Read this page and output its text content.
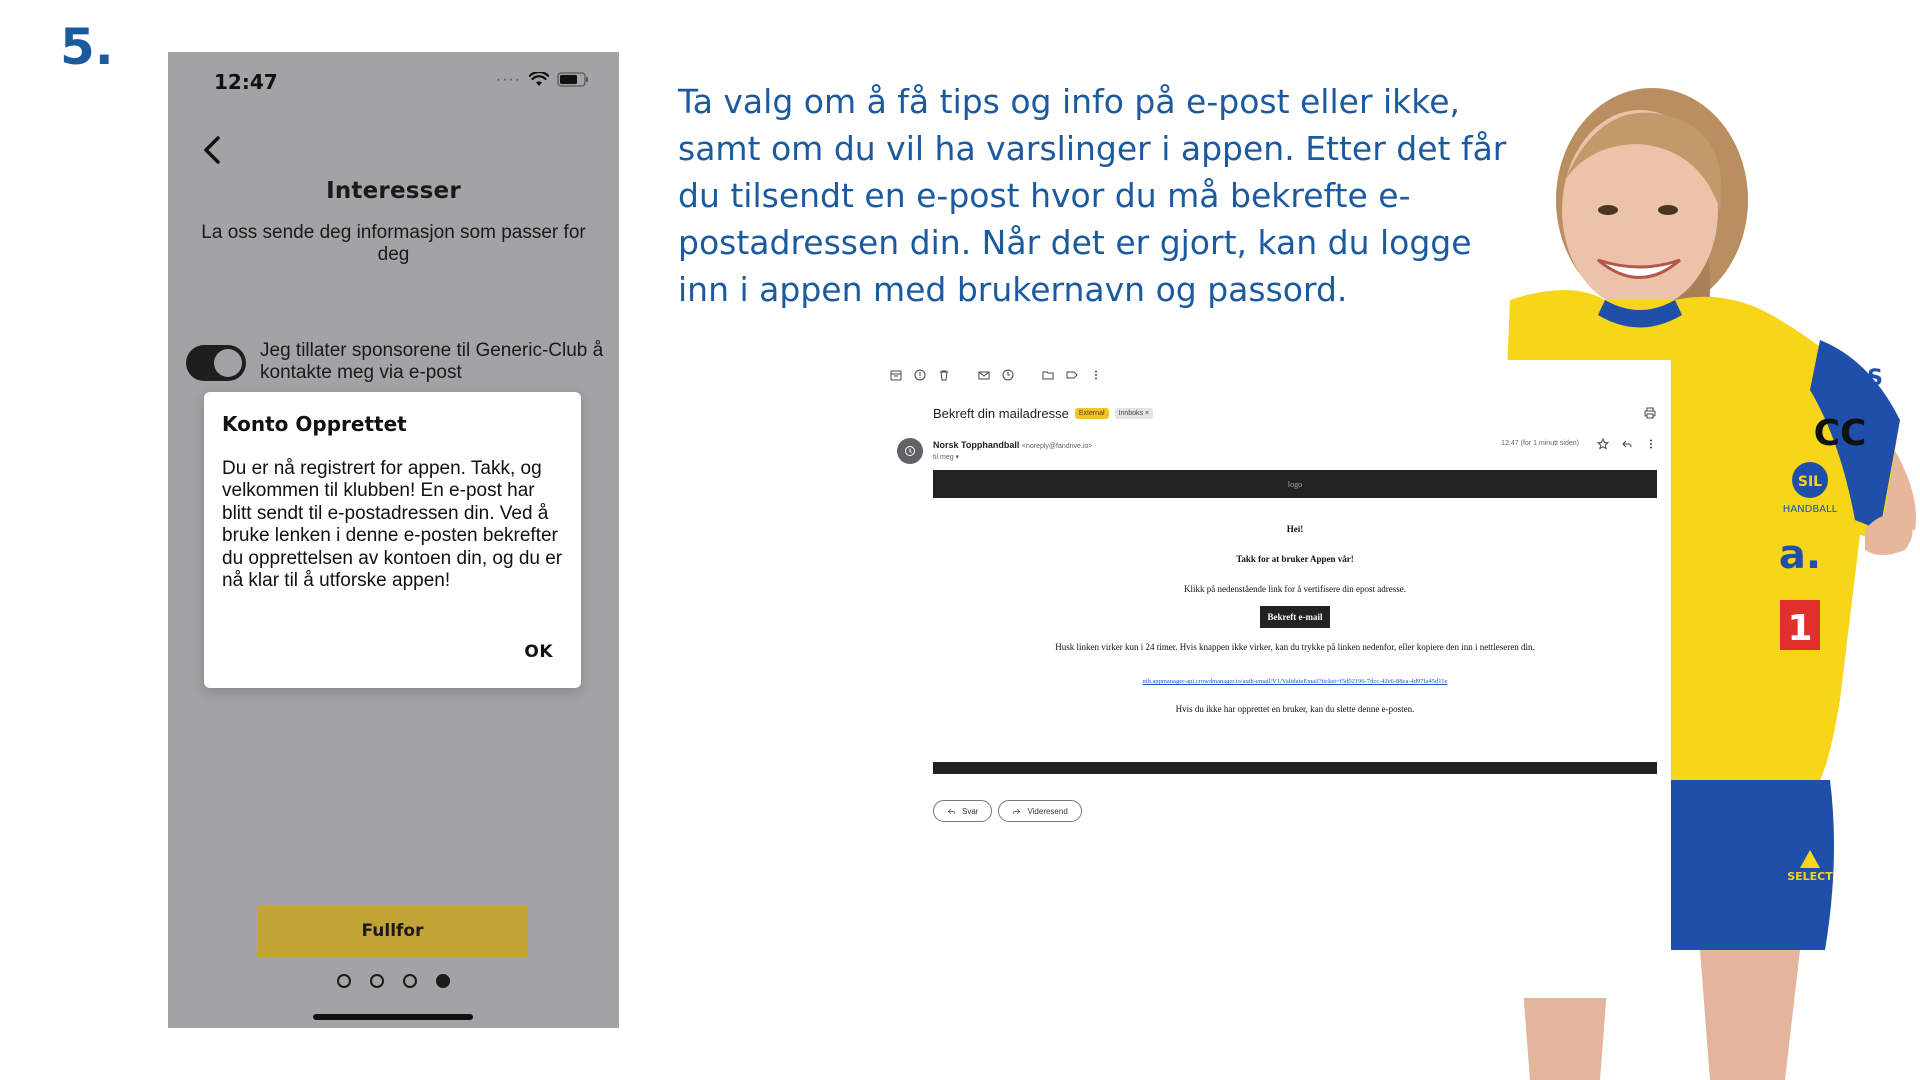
5.
12:47	····
Interesser
La oss sende deg informasjon som passer for deg
Jeg tillater sponsorene til Generic-Club å kontakte meg via e-post
Konto Opprettet
Du er nå registrert for appen. Takk, og velkommen til klubben! En e-post har blitt sendt til e-postadressen din. Ved å bruke lenken i denne e-posten bekrefter du opprettelsen av kontoen din, og du er nå klar til å utforske appen!
OK
Fullfor
Ta valg om å få tips og info på e-post eller ikke, samt om du vil ha varslinger i appen. Etter det får du tilsendt en e-post hvor du må bekrefte e-postadressen din. Når det er gjort, kan du logge inn i appen med brukernavn og passord.
OBOS
CC
SIL
HANDBALL
a.
1
SELECT
Bekreft din mailadresse	External	Innboks ×
Norsk Topphandball <noreply@fandrive.io>
til meg ▾
12:47 (for 1 minutt siden)
logo
Hei!
Takk for at bruker Appen vår!
Klikk på nedenstående link for å vertifisere din epost adresse.
Bekreft e-mail
Husk linken virker kun i 24 timer. Hvis knappen ikke virker, kan du trykke på linken nedenfor, eller kopiere den inn i nettleseren din.
nth.appmanager-api.crowdmanager.io/auth-email/V1/ValidateEmail?ticket=f5d02196-7dcc-42e6-88ea-4d97fa45d11e
Hvis du ikke har opprettet en bruker, kan du slette denne e-posten.
Svar	Videresend
